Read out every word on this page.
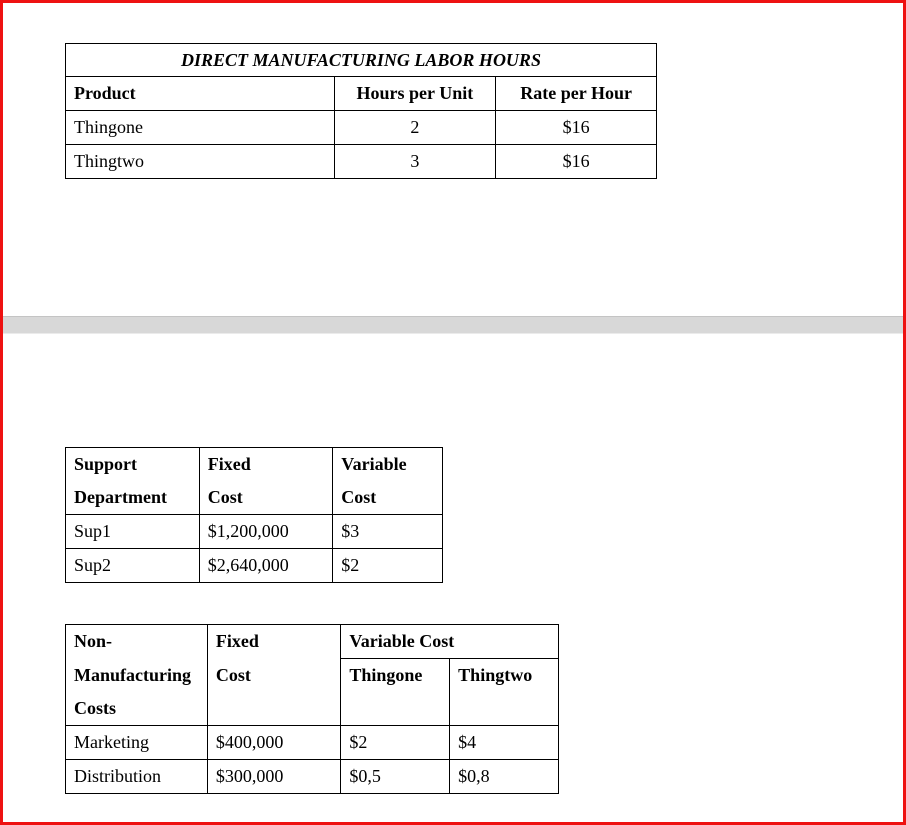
DIRECT MANUFACTURING LABOR HOURS		
Product	Hours per Unit	Rate per Hour
Thingone	2	$16
Thingtwo	3	$16
Support	Fixed	Variable
Department	Cost	Cost
Sup1	$1,200,000	$3
Sup2	$2,640,000	$2
Non-	Fixed	Variable Cost	
Manufacturing	Cost	Thingone	Thingtwo
Costs			
Marketing	$400,000	$2	$4
Distribution	$300,000	$0,5	$0,8
